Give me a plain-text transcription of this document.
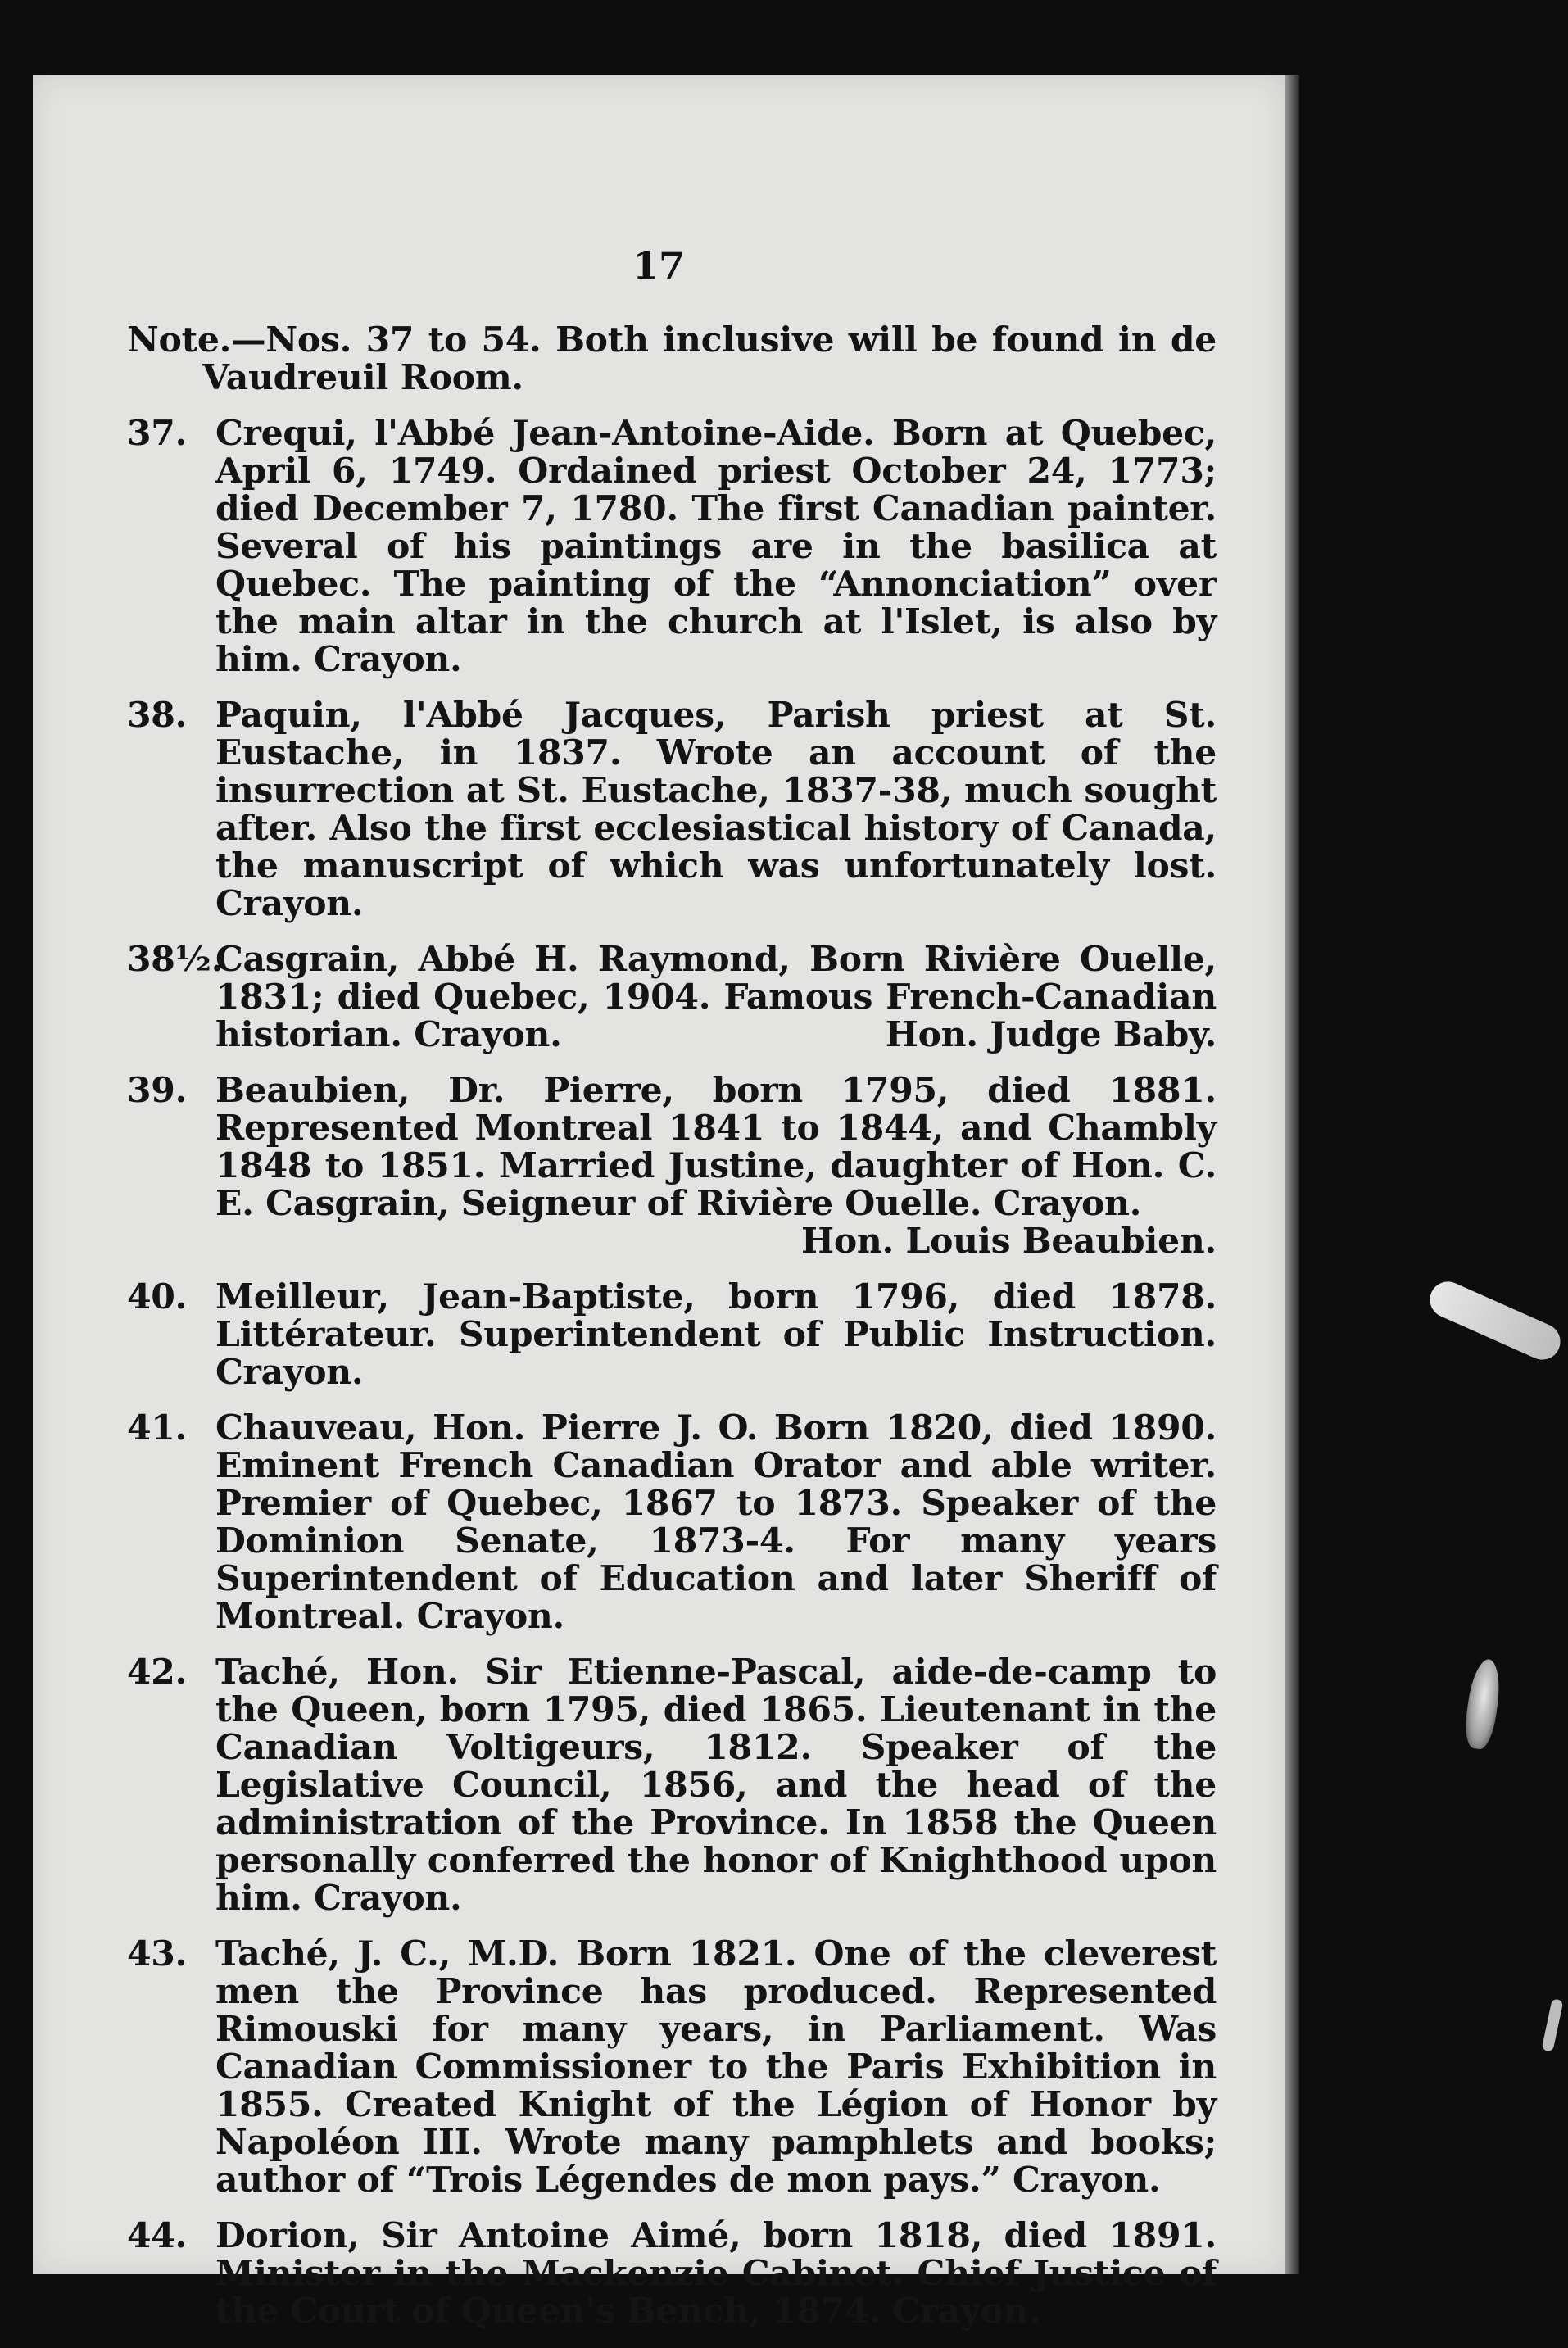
17
Note.—Nos. 37 to 54. Both inclusive will be found in de Vaudreuil Room.
37. Crequi, l'Abbé Jean-Antoine-Aide. Born at Quebec, April 6, 1749. Ordained priest October 24, 1773; died December 7, 1780. The first Canadian painter. Several of his paintings are in the basilica at Quebec. The painting of the “Annonciation” over the main altar in the church at l'Islet, is also by him. Crayon.
38. Paquin, l'Abbé Jacques, Parish priest at St. Eustache, in 1837. Wrote an account of the insurrection at St. Eustache, 1837-38, much sought after. Also the first ecclesiastical history of Canada, the manuscript of which was unfortunately lost. Crayon.
38½.
Casgrain, Abbé H. Raymond, Born Rivière Ouelle, 1831; died Quebec, 1904. Famous French-Canadian historian. Crayon.	Hon. Judge Baby.
39. Beaubien, Dr. Pierre, born 1795, died 1881. Represented Montreal 1841 to 1844, and Chambly 1848 to 1851. Married Justine, daughter of Hon. C. E. Casgrain, Seigneur of Rivière Ouelle. Crayon.
Hon. Louis Beaubien.
40. Meilleur, Jean-Baptiste, born 1796, died 1878. Littérateur. Superintendent of Public Instruction. Crayon.
41. Chauveau, Hon. Pierre J. O. Born 1820, died 1890. Eminent French Canadian Orator and able writer. Premier of Quebec, 1867 to 1873. Speaker of the Dominion Senate, 1873-4. For many years Superintendent of Education and later Sheriff of Montreal. Crayon.
42. Taché, Hon. Sir Etienne-Pascal, aide-de-camp to the Queen, born 1795, died 1865. Lieutenant in the Canadian Voltigeurs, 1812. Speaker of the Legislative Council, 1856, and the head of the administration of the Province. In 1858 the Queen personally conferred the honor of Knighthood upon him. Crayon.
43. Taché, J. C., M.D. Born 1821. One of the cleverest men the Province has produced. Represented Rimouski for many years, in Parliament. Was Canadian Commissioner to the Paris Exhibition in 1855. Created Knight of the Légion of Honor by Napoléon III. Wrote many pamphlets and books; author of “Trois Légendes de mon pays.” Crayon.
44. Dorion, Sir Antoine Aimé, born 1818, died 1891. Minister in the Mackenzie Cabinet. Chief Justice of the Court of Queen's Bench, 1874. Crayon.
